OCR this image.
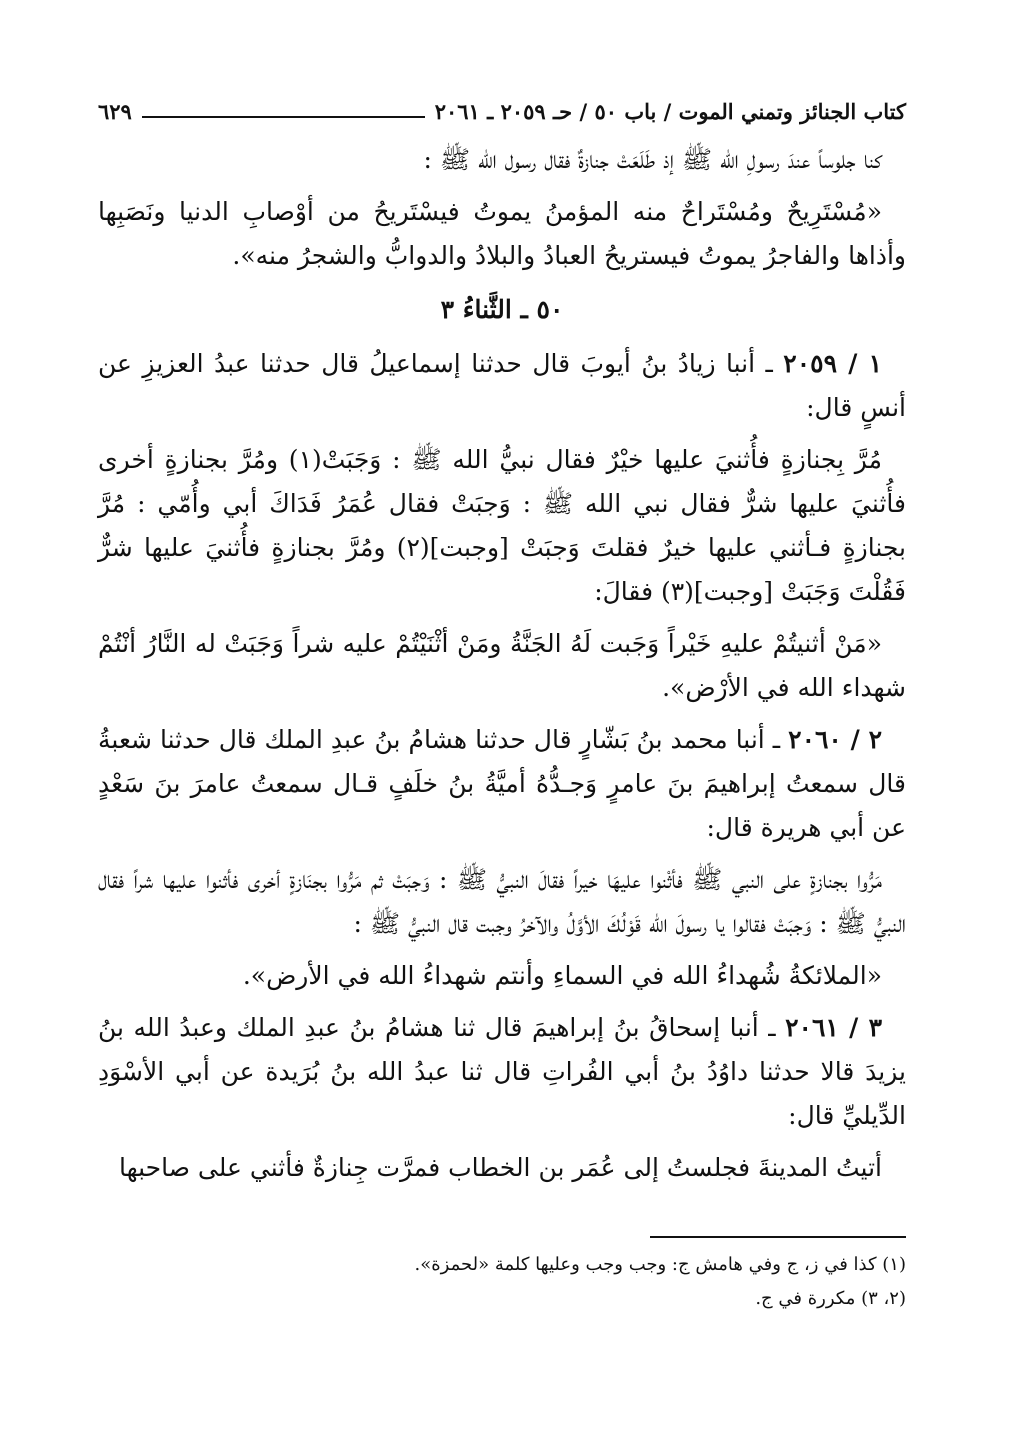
كتاب الجنائز وتمني الموت / باب ٥٠ / حـ ٢٠٥٩ ـ ٢٠٦١
٦٢٩

كنا جلوساً عندَ رسولِ الله ﷺ إذ طَلَعَتْ جنازةٌ فقال رسول الله ﷺ :

«مُسْتَرِيحٌ ومُسْتَراحٌ منه المؤمنُ يموتُ فيسْتَريحُ من أوْصابِ الدنيا ونَصَبِها وأذاها والفاجرُ يموتُ فيستريحُ العبادُ والبلادُ والدوابُّ والشجرُ منه».

٥٠ ـ الثَّناءُ ٣

١ / ٢٠٥٩ ـ أنبا زيادُ بنُ أيوبَ قال حدثنا إسماعيلُ قال حدثنا عبدُ العزيزِ عن أنسٍ قال:

مُرَّ بِجنازةٍ فأُثنيَ عليها خيْرٌ فقال نبيُّ الله ﷺ : وَجَبَتْ(١) ومُرَّ بجنازةٍ أخرى فأُثنيَ عليها شرٌّ فقال نبي الله ﷺ : وَجبَتْ فقال عُمَرُ فَدَاكَ أبي وأُمّي : مُرَّ بجنازةٍ فـأثني عليها خيرٌ فقلتَ وَجبَتْ [وجبت](٢) ومُرَّ بجنازةٍ فأُثنيَ عليها شرٌّ فَقُلْتَ وَجَبَتْ [وجبت](٣) فقالَ:

«مَنْ أثنيتُمْ عليهِ خَيْراً وَجَبت لَهُ الجَنَّةُ ومَنْ أثْنَيْتُمْ عليه شراً وَجَبَتْ له النَّارُ أنْتُمْ شهداء الله في الأرْض».

٢ / ٢٠٦٠ ـ أنبا محمد بنُ بَشّارٍ قال حدثنا هشامُ بنُ عبدِ الملك قال حدثنا شعبةُ قال سمعتُ إبراهيمَ بنَ عامرٍ وَجـدُّهُ أميَّةُ بنُ خلَفٍ قـال سمعتُ عامرَ بنَ سَعْدٍ عن أبي هريرة قال:

مَرُّوا بجنازةٍ على النبي ﷺ فأثْنوا عليهَا خيراً فقالَ النبيُّ ﷺ : وَجبَتْ ثم مَرُّوا بجنَازةٍ أخرى فأثنوا عليها شراً فقال النبيُّ ﷺ : وَجبَتْ فقالوا يا رسولَ الله قَوْلُكَ الأوَّلُ والآخرُ وجبت قال النبيُّ ﷺ :

«الملائكةُ شُهداءُ الله في السماءِ وأنتم شهداءُ الله في الأرض».

٣ / ٢٠٦١ ـ أنبا إسحاقُ بنُ إبراهيمَ قال ثنا هشامُ بنُ عبدِ الملك وعبدُ الله بنُ يزيدَ قالا حدثنا داوُدُ بنُ أبي الفُراتِ قال ثنا عبدُ الله بنُ بُرَيدة عن أبي الأسْوَدِ الدِّيليِّ قال:

أتيتُ المدينةَ فجلستُ إلى عُمَر بن الخطاب فمرَّت جِنازةٌ فأثني على صاحبها

(١) كذا في ز، ج وفي هامش ج: وجب وجب وعليها كلمة «لحمزة».

(٢، ٣) مكررة في ج.
